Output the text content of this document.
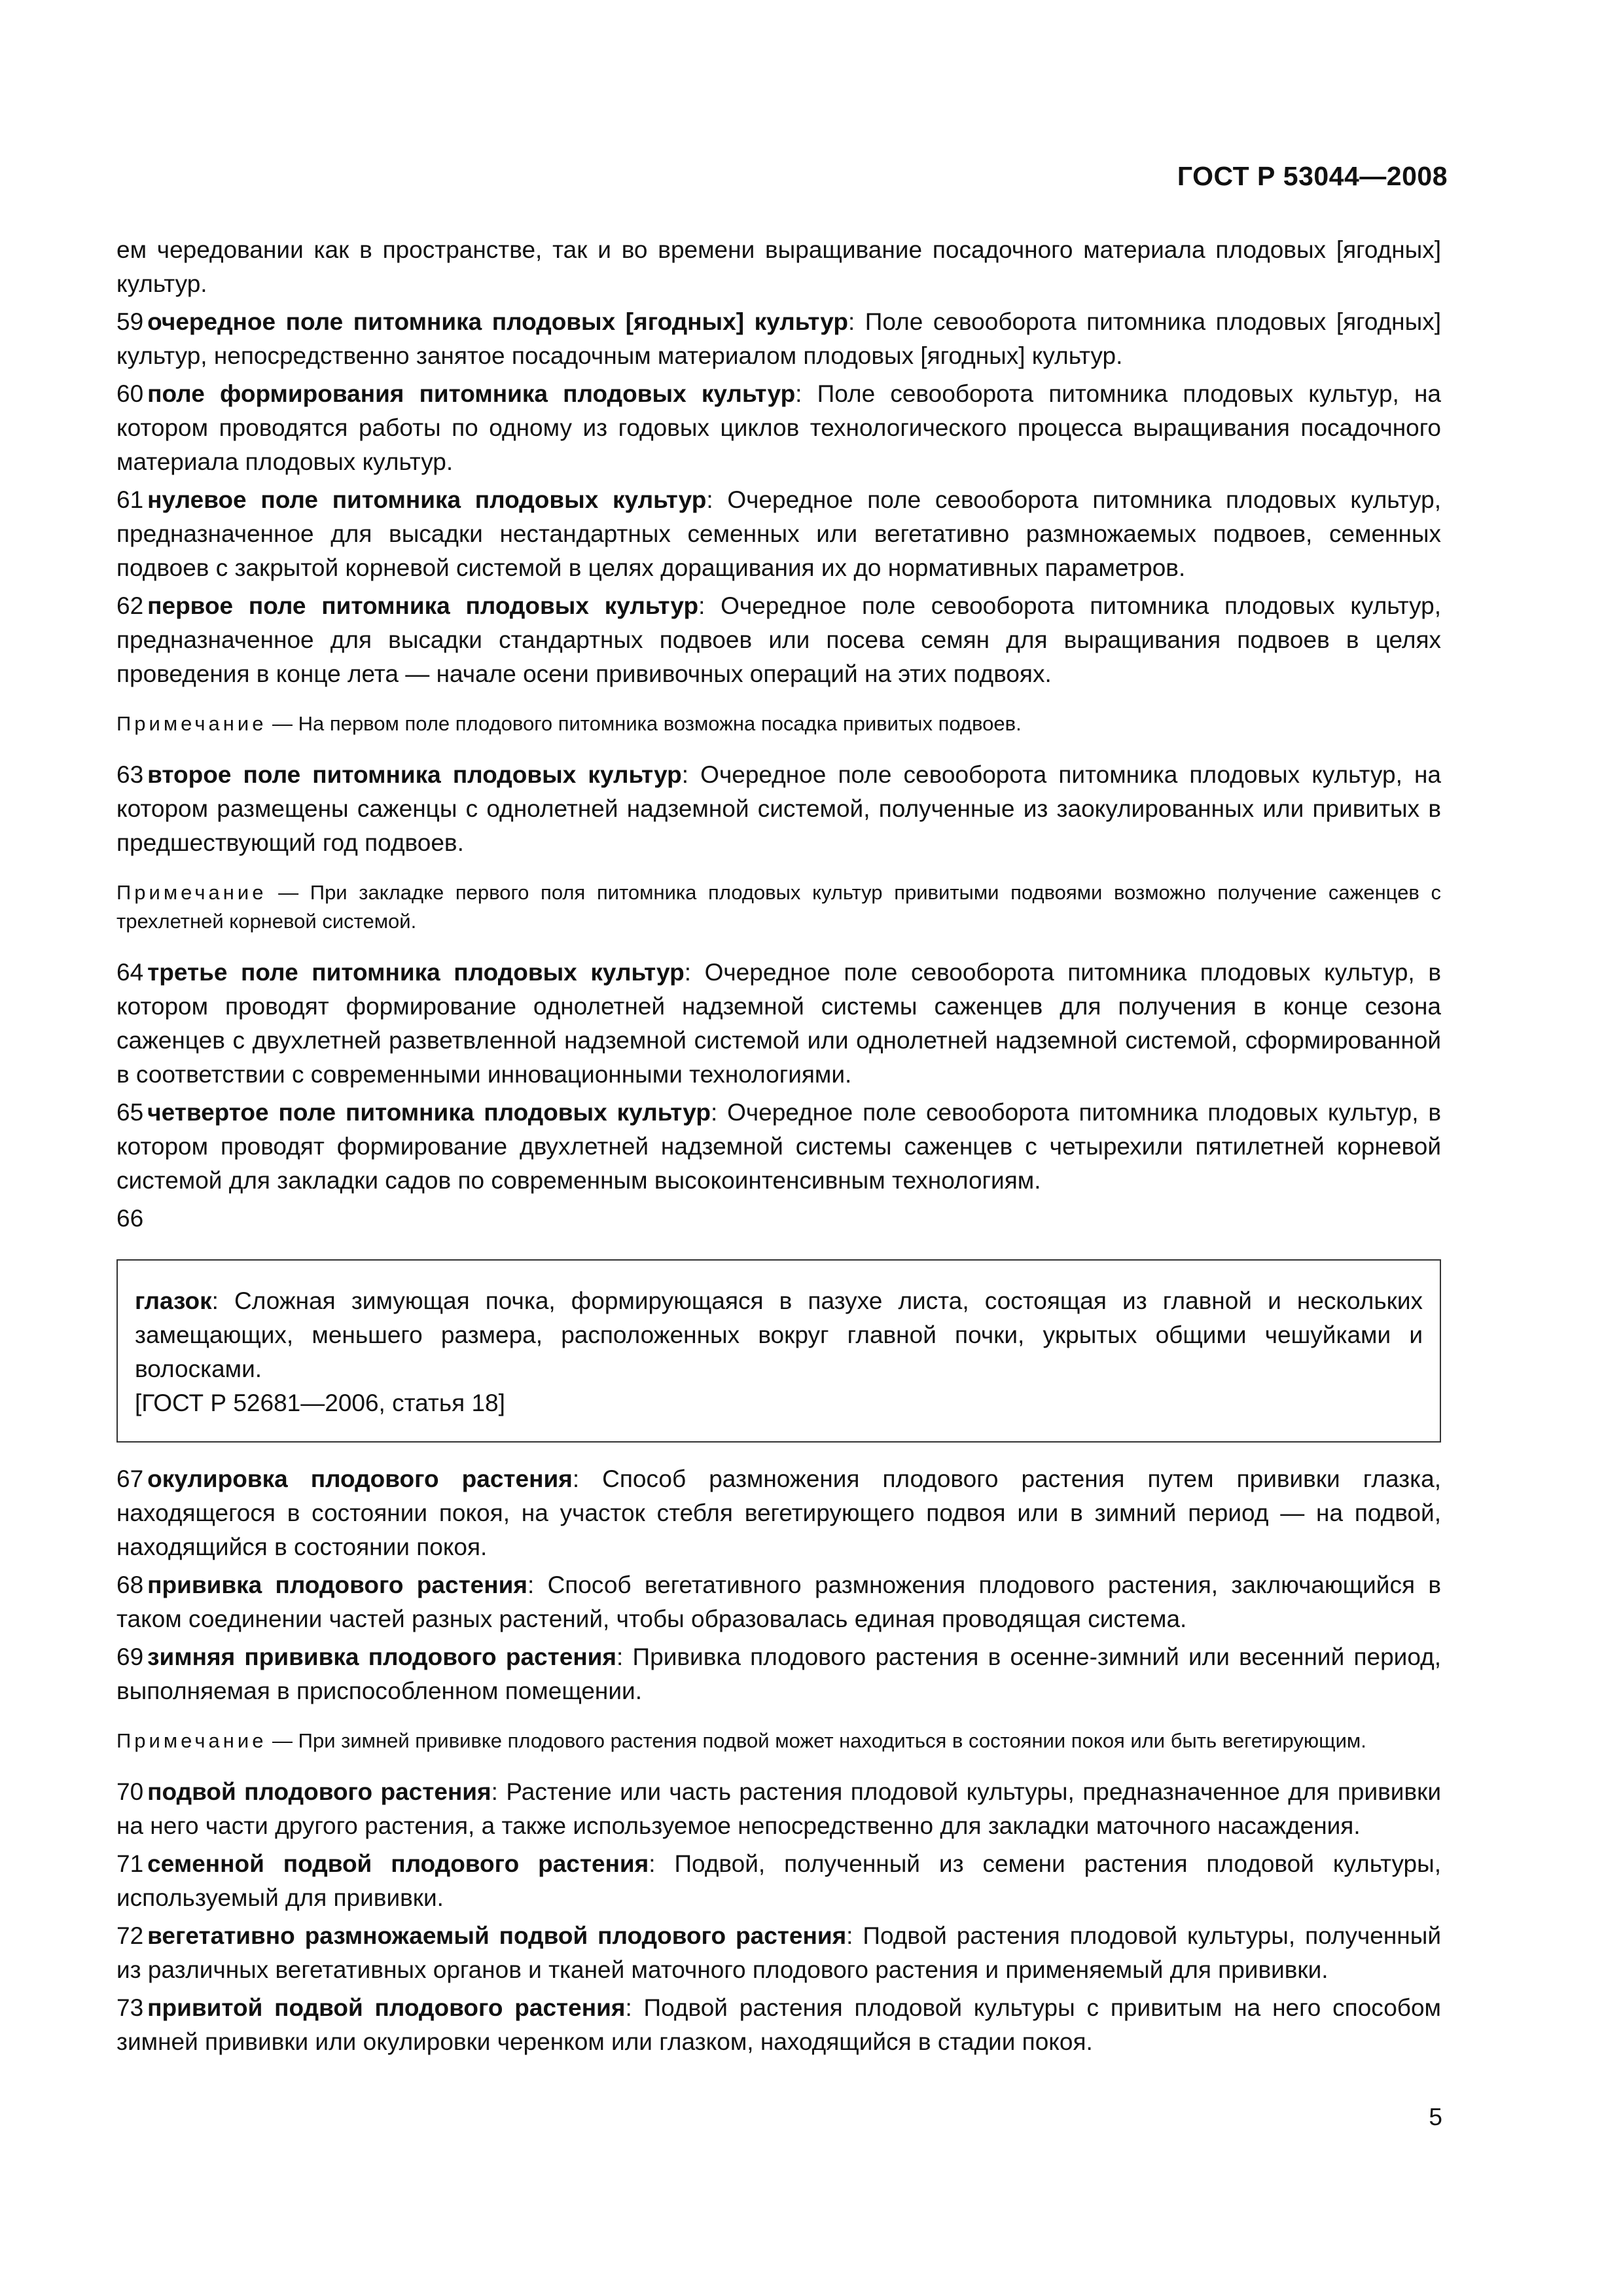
ГОСТ Р 53044—2008

ем чередовании как в пространстве, так и во времени выращивание посадочного материала плодовых [ягодных] культур.

59 очередное поле питомника плодовых [ягодных] культур: Поле севооборота питомника плодовых [ягодных] культур, непосредственно занятое посадочным материалом плодовых [ягодных] культур.

60 поле формирования питомника плодовых культур: Поле севооборота питомника плодовых культур, на котором проводятся работы по одному из годовых циклов технологического процесса выращивания посадочного материала плодовых культур.

61 нулевое поле питомника плодовых культур: Очередное поле севооборота питомника плодовых культур, предназначенное для высадки нестандартных семенных или вегетативно размножаемых подвоев, семенных подвоев с закрытой корневой системой в целях доращивания их до нормативных параметров.

62 первое поле питомника плодовых культур: Очередное поле севооборота питомника плодовых культур, предназначенное для высадки стандартных подвоев или посева семян для выращивания подвоев в целях проведения в конце лета — начале осени прививочных операций на этих подвоях.

Примечание — На первом поле плодового питомника возможна посадка привитых подвоев.

63 второе поле питомника плодовых культур: Очередное поле севооборота питомника плодовых культур, на котором размещены саженцы с однолетней надземной системой, полученные из заокулированных или привитых в предшествующий год подвоев.

Примечание — При закладке первого поля питомника плодовых культур привитыми подвоями возможно получение саженцев с трехлетней корневой системой.

64 третье поле питомника плодовых культур: Очередное поле севооборота питомника плодовых культур, в котором проводят формирование однолетней надземной системы саженцев для получения в конце сезона саженцев с двухлетней разветвленной надземной системой или однолетней надземной системой, сформированной в соответствии с современными инновационными технологиями.

65 четвертое поле питомника плодовых культур: Очередное поле севооборота питомника плодовых культур, в котором проводят формирование двухлетней надземной системы саженцев с четырехили пятилетней корневой системой для закладки садов по современным высокоинтенсивным технологиям.

66

глазок: Сложная зимующая почка, формирующаяся в пазухе листа, состоящая из главной и нескольких замещающих, меньшего размера, расположенных вокруг главной почки, укрытых общими чешуйками и волосками.

[ГОСТ Р 52681—2006, статья 18]

67 окулировка плодового растения: Способ размножения плодового растения путем прививки глазка, находящегося в состоянии покоя, на участок стебля вегетирующего подвоя или в зимний период — на подвой, находящийся в состоянии покоя.

68 прививка плодового растения: Способ вегетативного размножения плодового растения, заключающийся в таком соединении частей разных растений, чтобы образовалась единая проводящая система.

69 зимняя прививка плодового растения: Прививка плодового растения в осенне-зимний или весенний период, выполняемая в приспособленном помещении.

Примечание — При зимней прививке плодового растения подвой может находиться в состоянии покоя или быть вегетирующим.

70 подвой плодового растения: Растение или часть растения плодовой культуры, предназначенное для прививки на него части другого растения, а также используемое непосредственно для закладки маточного насаждения.

71 семенной подвой плодового растения: Подвой, полученный из семени растения плодовой культуры, используемый для прививки.

72 вегетативно размножаемый подвой плодового растения: Подвой растения плодовой культуры, полученный из различных вегетативных органов и тканей маточного плодового растения и применяемый для прививки.

73 привитой подвой плодового растения: Подвой растения плодовой культуры с привитым на него способом зимней прививки или окулировки черенком или глазком, находящийся в стадии покоя.

5
